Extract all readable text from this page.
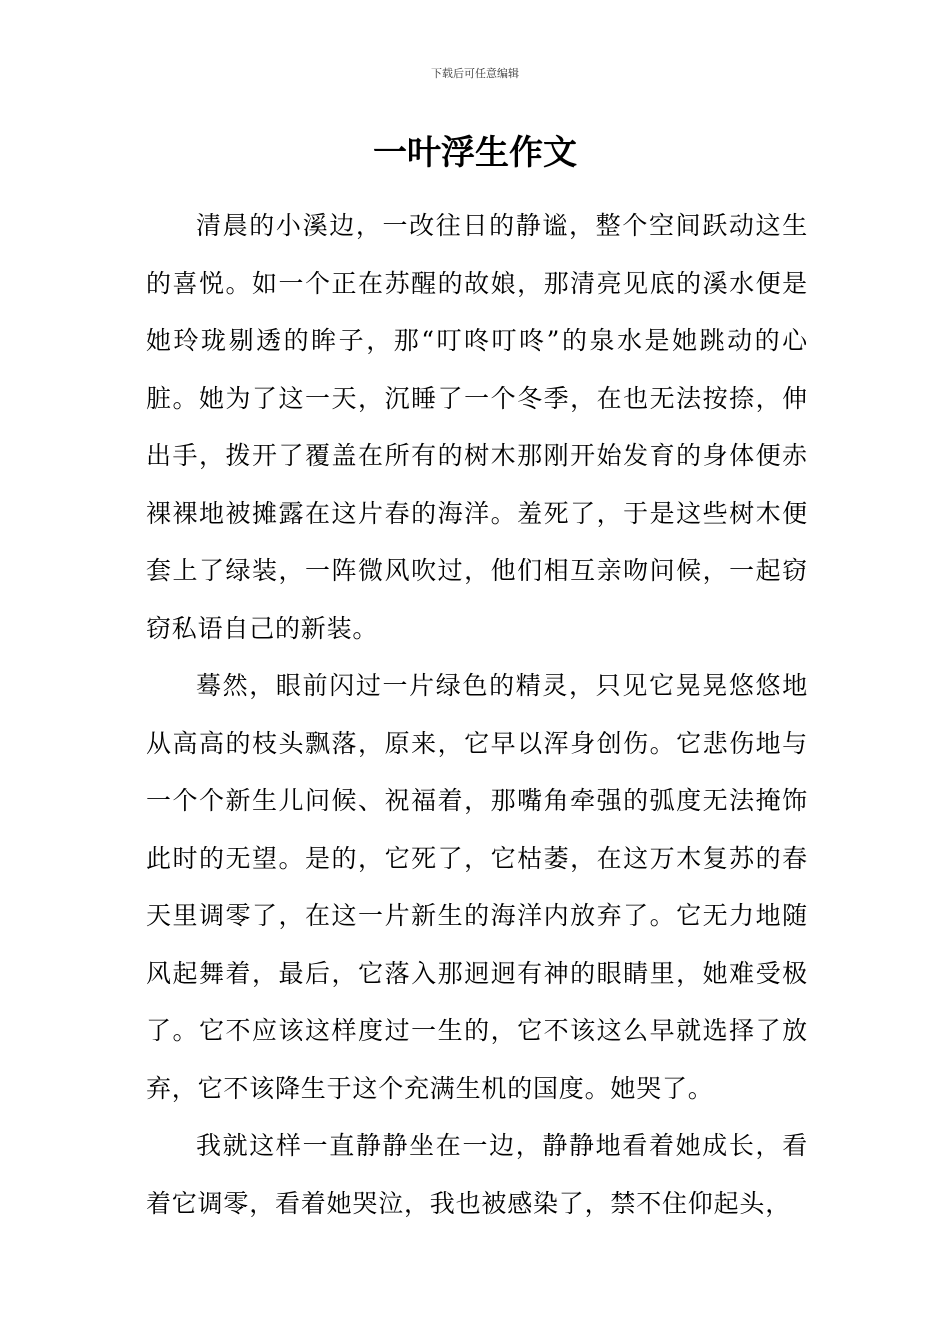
下载后可任意编辑
一叶浮生作文

清晨的小溪边，一改往日的静谧，整个空间跃动这生的喜悦。如一个正在苏醒的故娘，那清亮见底的溪水便是她玲珑剔透的眸子，那“叮咚叮咚”的泉水是她跳动的心脏。她为了这一天，沉睡了一个冬季，在也无法按捺，伸出手，拨开了覆盖在所有的树木那刚开始发育的身体便赤裸裸地被摊露在这片春的海洋。羞死了，于是这些树木便套上了绿装，一阵微风吹过，他们相互亲吻问候，一起窃窃私语自己的新装。

蓦然，眼前闪过一片绿色的精灵，只见它晃晃悠悠地从高高的枝头飘落，原来，它早以浑身创伤。它悲伤地与一个个新生儿问候、祝福着，那嘴角牵强的弧度无法掩饰此时的无望。是的，它死了，它枯萎，在这万木复苏的春天里调零了，在这一片新生的海洋内放弃了。它无力地随风起舞着，最后，它落入那迥迥有神的眼睛里，她难受极了。它不应该这样度过一生的，它不该这么早就选择了放弃，它不该降生于这个充满生机的国度。她哭了。

我就这样一直静静坐在一边，静静地看着她成长，看着它调零，看着她哭泣，我也被感染了，禁不住仰起头，
